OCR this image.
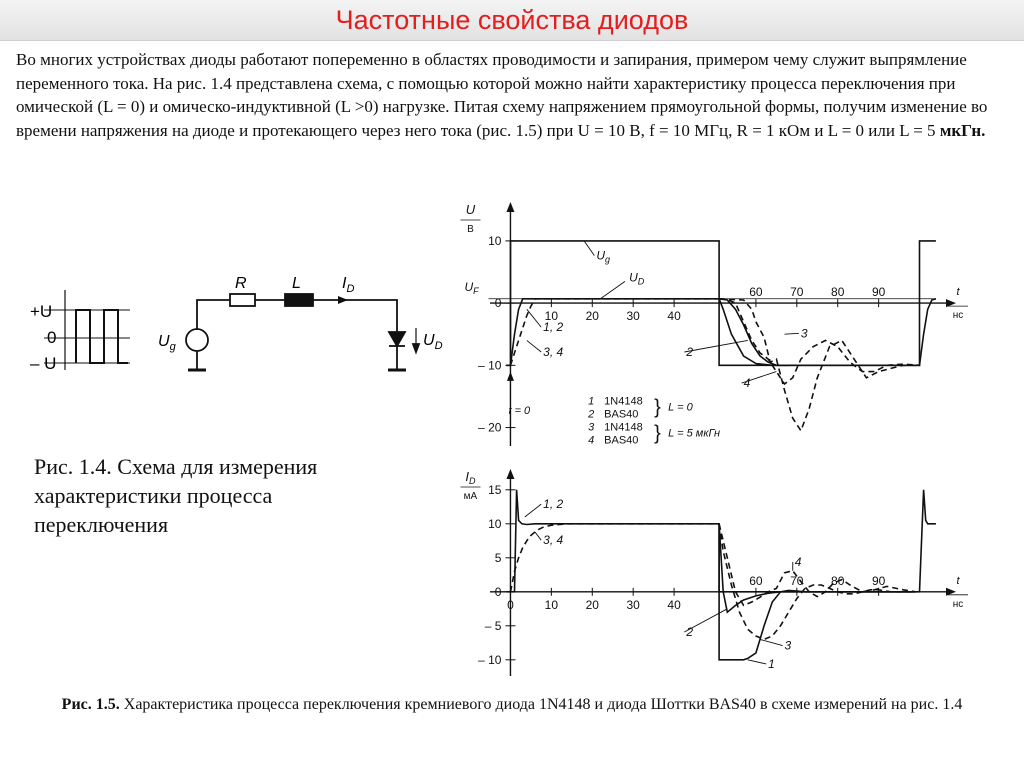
Частотные свойства диодов

Во многих устройствах диоды работают попеременно в областях проводимости и запирания, примером чему служит выпрямление переменного тока. На рис. 1.4 представлена схема, с помощью которой можно найти характеристику процесса переключения при омической (L = 0) и омическо-индуктивной (L >0) нагрузке. Питая схему напряжением прямоугольной формы, получим изменение во времени напряжения на диоде и протекающего через него тока (рис. 1.5) при U = 10 В, f = 10 МГц, R = 1 кОм и L = 0 или L = 5 мкГн.

+U
0
– U
$U_g$
R	L	$I_D$
$U_D$

Рис. 1.4. Схема для измерения характеристики процесса переключения

10
0
– 10
– 20
10 20 30 40
60 70 80 90	t
нс
U
В
$U_g$
1, 2
2
3, 4
3
4
$U_F$
$U_D$
t = 0
1 1N4148
2 BAS40
3 1N4148
4 BAS40
}
}
L = 0
L = 5 мкГн
15
10
5
0
– 5
– 10
0	10 20 30 40
60 70 80 90	t
нс
$I_D$
мА
1, 2
1
2
3, 4
3
4

Рис. 1.5. Характеристика процесса переключения кремниевого диода 1N4148 и диода Шоттки BAS40 в схеме измерений на рис. 1.4
